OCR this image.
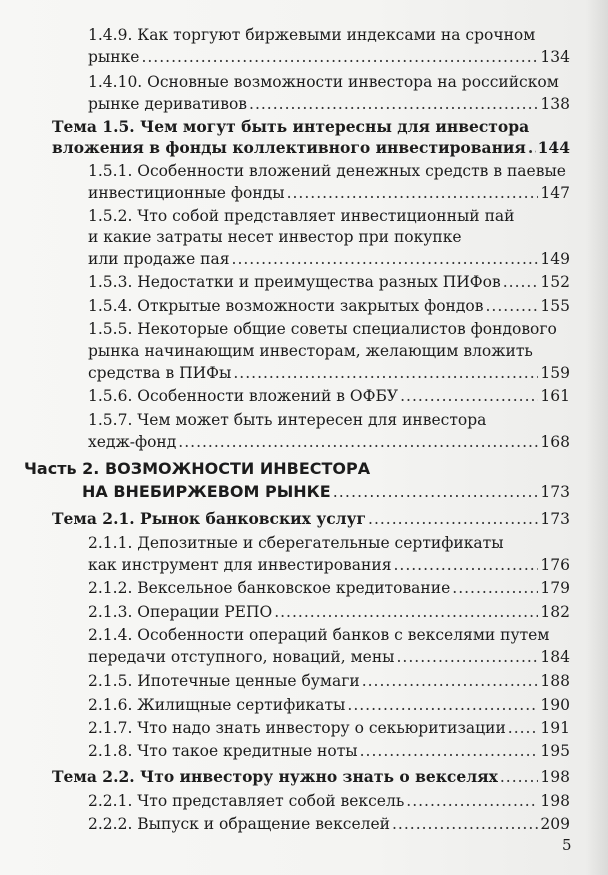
1.4.9. Как торгуют биржевыми индексами на срочном
рынке .....	134
1.4.10. Основные возможности инвестора на российском
рынке деривативов .....	138
Тема 1.5. Чем могут быть интересны для инвестора
вложения в фонды коллективного инвестирования ..... 144
1.5.1. Особенности вложений денежных средств в паевые
инвестиционные фонды .....	147
1.5.2. Что собой представляет инвестиционный пай
и какие затраты несет инвестор при покупке
или продаже пая .....	149
1.5.3. Недостатки и преимущества разных ПИФов .....	152
1.5.4. Открытые возможности закрытых фондов .....	155
1.5.5. Некоторые общие советы специалистов фондового
рынка начинающим инвесторам, желающим вложить
средства в ПИФы .....	159
1.5.6. Особенности вложений в ОФБУ .....	161
1.5.7. Чем может быть интересен для инвестора
хедж-фонд .....	168
Часть 2. ВОЗМОЖНОСТИ ИНВЕСТОРА
НА ВНЕБИРЖЕВОМ РЫНКЕ .....	173
Тема 2.1. Рынок банковских услуг .....	173
2.1.1. Депозитные и сберегательные сертификаты
как инструмент для инвестирования .....	176
2.1.2. Вексельное банковское кредитование .....	179
2.1.3. Операции РЕПО .....	182
2.1.4. Особенности операций банков с векселями путем
передачи отступного, новаций, мены .....	184
2.1.5. Ипотечные ценные бумаги .....	188
2.1.6. Жилищные сертификаты .....	190
2.1.7. Что надо знать инвестору о секьюритизации ..... 191
2.1.8. Что такое кредитные ноты .....	195
Тема 2.2. Что инвестору нужно знать о векселях .....	198
2.2.1. Что представляет собой вексель .....	198
2.2.2. Выпуск и обращение векселей .....	209
5
